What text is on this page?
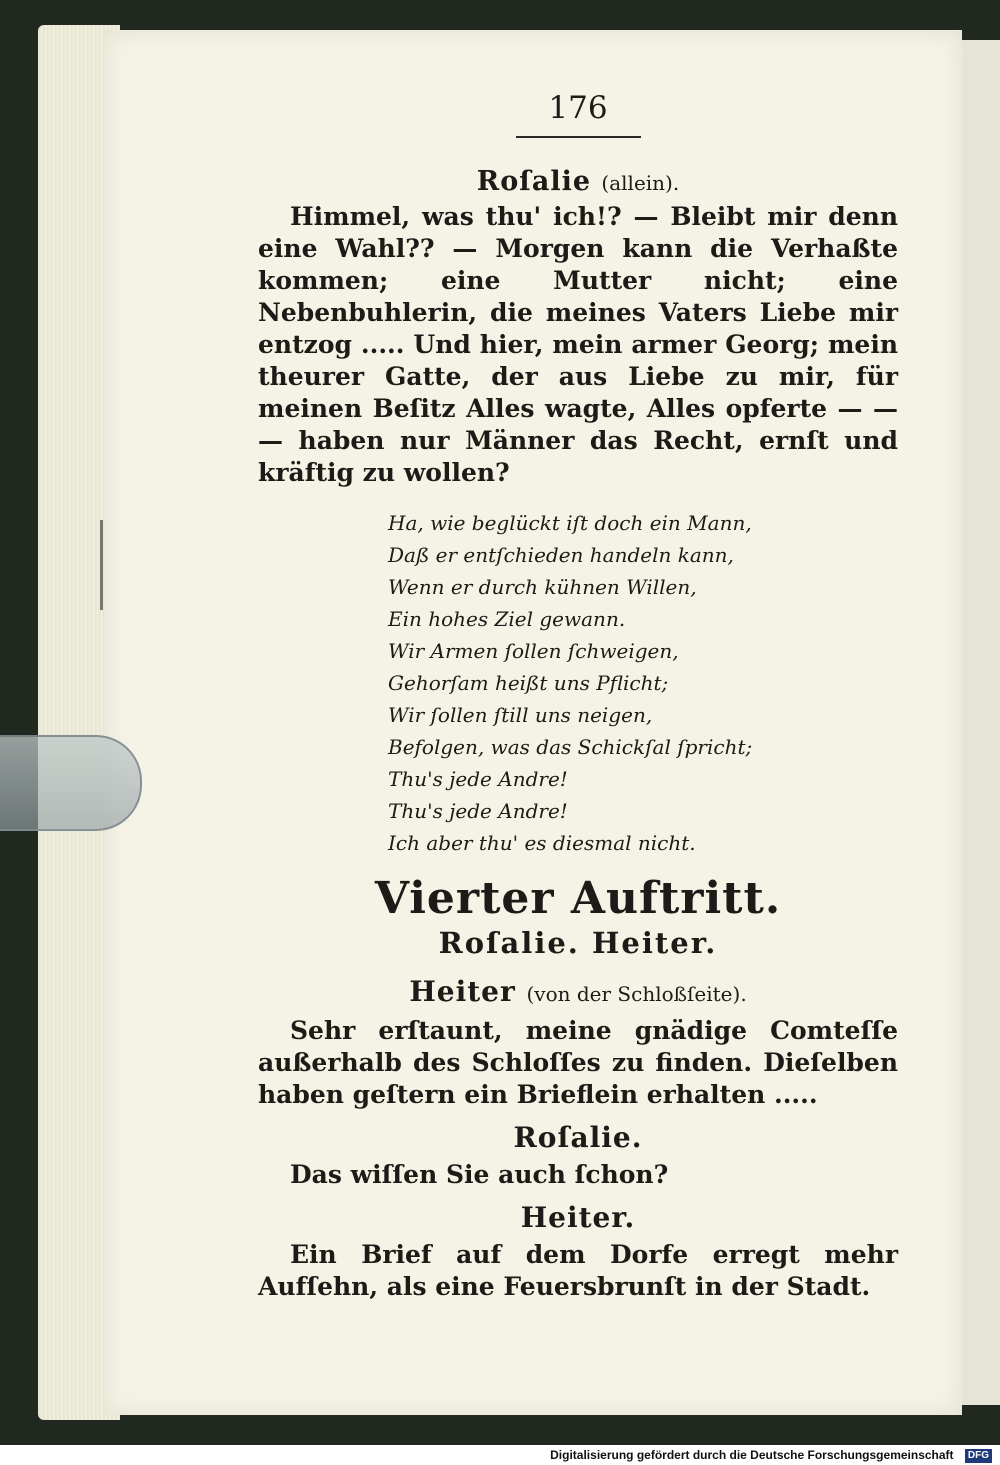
176
Roſalie (allein).

Himmel, was thu' ich!? — Bleibt mir denn eine Wahl?? — Morgen kann die Verhaßte kommen; eine Mutter nicht; eine Nebenbuhlerin, die meines Vaters Liebe mir entzog ..... Und hier, mein armer Georg; mein theurer Gatte, der aus Liebe zu mir, für meinen Beſitz Alles wagte, Alles opferte — — — haben nur Männer das Recht, ernſt und kräftig zu wollen?

Ha, wie beglückt iſt doch ein Mann,
Daß er entſchieden handeln kann,
Wenn er durch kühnen Willen,
Ein hohes Ziel gewann.
Wir Armen ſollen ſchweigen,
Gehorſam heißt uns Pflicht;
Wir ſollen ſtill uns neigen,
Befolgen, was das Schickſal ſpricht;
Thu's jede Andre!
Thu's jede Andre!
Ich aber thu' es diesmal nicht.
Vierter Auftritt.
Roſalie. Heiter.
Heiter (von der Schloßſeite).

Sehr erſtaunt, meine gnädige Comteſſe außerhalb des Schloſſes zu finden. Dieſelben haben geſtern ein Brieflein erhalten .....

Roſalie.

Das wiſſen Sie auch ſchon?

Heiter.

Ein Brief auf dem Dorfe erregt mehr Aufſehn, als eine Feuersbrunſt in der Stadt.

Digitalisierung gefördert durch die Deutsche Forschungsgemeinschaft DFG
